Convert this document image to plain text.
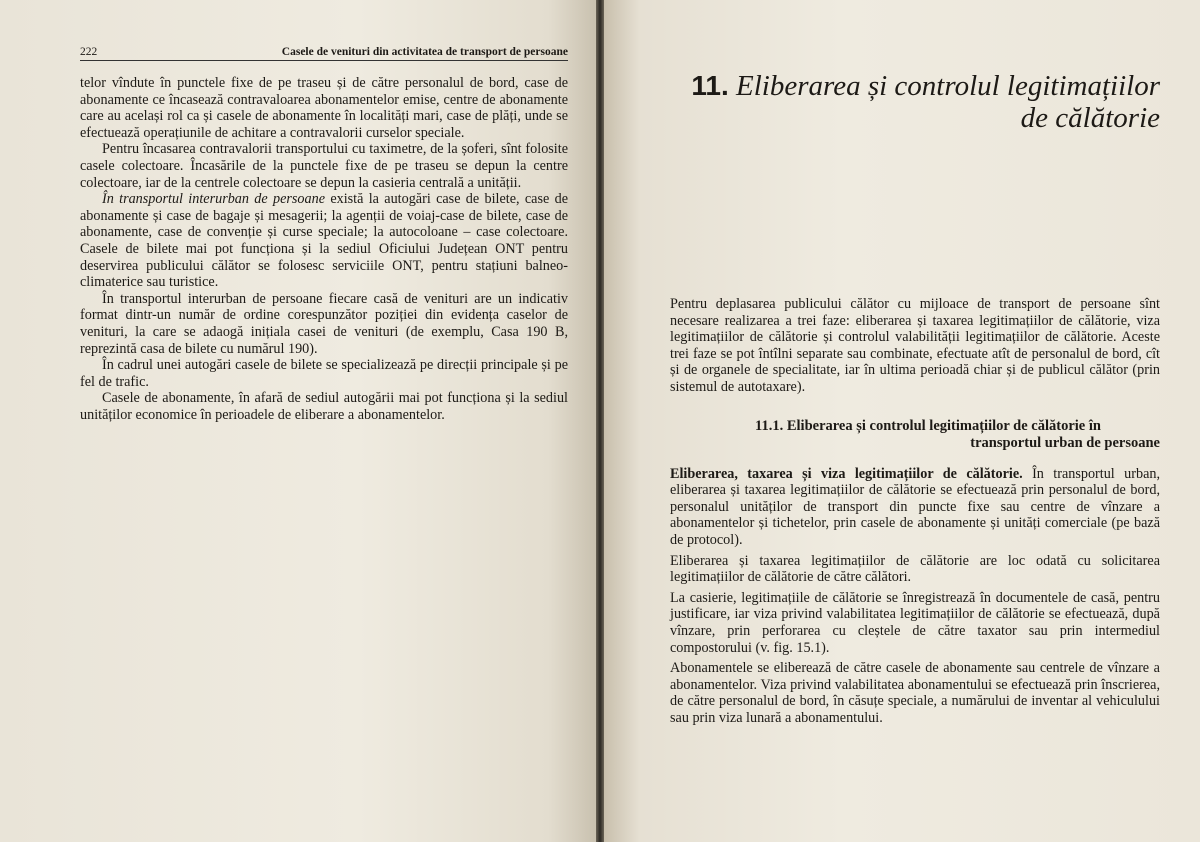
222	Casele de venituri din activitatea de transport de persoane

telor vîndute în punctele fixe de pe traseu și de către personalul de bord, case de abonamente ce încasează contravaloarea abonamentelor emise, centre de abonamente care au același rol ca și casele de abonamente în localități mari, case de plăți, unde se efectuează operațiunile de achitare a contravalorii curselor speciale.

Pentru încasarea contravalorii transportului cu taximetre, de la șoferi, sînt folosite casele colectoare. Încasările de la punctele fixe de pe traseu se depun la centre colectoare, iar de la centrele colectoare se depun la casieria centrală a unității.

În transportul interurban de persoane există la autogări case de bilete, case de abonamente și case de bagaje și mesagerii; la agenții de voiaj-case de bilete, case de abonamente, case de convenție și curse speciale; la autocoloane – case colectoare. Casele de bilete mai pot funcționa și la sediul Oficiului Județean ONT pentru deservirea publicului călător se folosesc serviciile ONT, pentru stațiuni balneo-climaterice sau turistice.

În transportul interurban de persoane fiecare casă de venituri are un indicativ format dintr-un număr de ordine corespunzător poziției din evidența caselor de venituri, la care se adaogă inițiala casei de venituri (de exemplu, Casa 190 B, reprezintă casa de bilete cu numărul 190).

În cadrul unei autogări casele de bilete se specializează pe direcții principale și pe fel de trafic.

Casele de abonamente, în afară de sediul autogării mai pot funcționa și la sediul unităților economice în perioadele de eliberare a abonamentelor.

11. Eliberarea și controlul legitimațiilor
de călătorie

Pentru deplasarea publicului călător cu mijloace de transport de persoane sînt necesare realizarea a trei faze: eliberarea și taxarea legitimațiilor de călătorie, viza legitimațiilor de călătorie și controlul valabilității legitimațiilor de călătorie. Aceste trei faze se pot întîlni separate sau combinate, efectuate atît de personalul de bord, cît și de organele de specialitate, iar în ultima perioadă chiar și de publicul călător (prin sistemul de autotaxare).

11.1. Eliberarea și controlul legitimațiilor de călătorie în
transportul urban de persoane

Eliberarea, taxarea și viza legitimațiilor de călătorie. În transportul urban, eliberarea și taxarea legitimațiilor de călătorie se efectuează prin personalul de bord, personalul unităților de transport din puncte fixe sau centre de vînzare a abonamentelor și tichetelor, prin casele de abonamente și unități comerciale (pe bază de protocol).

Eliberarea și taxarea legitimațiilor de călătorie are loc odată cu solicitarea legitimațiilor de călătorie de către călători.

La casierie, legitimațiile de călătorie se înregistrează în documentele de casă, pentru justificare, iar viza privind valabilitatea legitimațiilor de călătorie se efectuează, după vînzare, prin perforarea cu cleștele de către taxator sau prin intermediul compostorului (v. fig. 15.1).

Abonamentele se eliberează de către casele de abonamente sau centrele de vînzare a abonamentelor. Viza privind valabilitatea abonamentului se efectuează prin înscrierea, de către personalul de bord, în căsuțe speciale, a numărului de inventar al vehiculului sau prin viza lunară a abonamentului.
